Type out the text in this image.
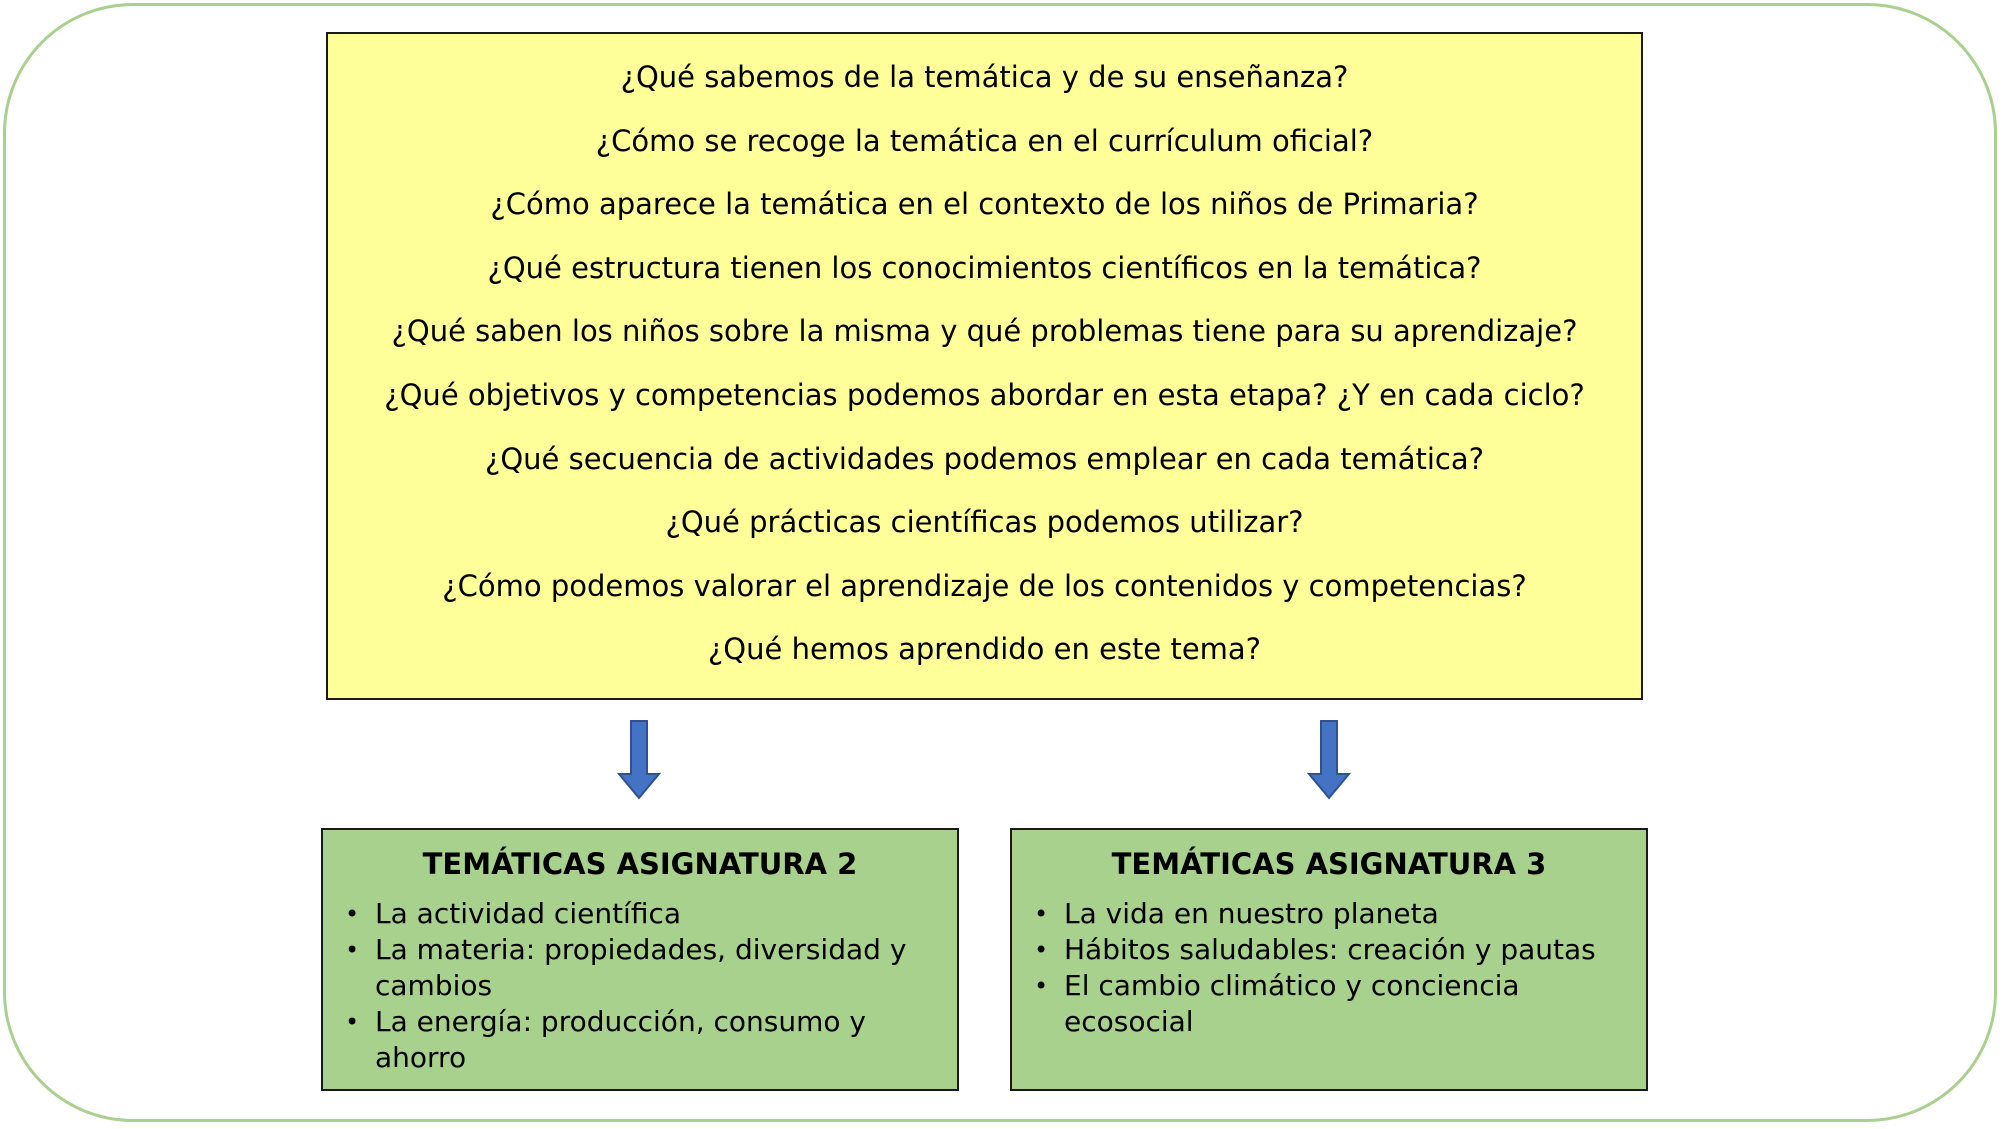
¿Qué sabemos de la temática y de su enseñanza?
¿Cómo se recoge la temática en el currículum oficial?
¿Cómo aparece la temática en el contexto de los niños de Primaria?
¿Qué estructura tienen los conocimientos científicos en la temática?
¿Qué saben los niños sobre la misma y qué problemas tiene para su aprendizaje?
¿Qué objetivos y competencias podemos abordar en esta etapa? ¿Y en cada ciclo?
¿Qué secuencia de actividades podemos emplear en cada temática?
¿Qué prácticas científicas podemos utilizar?
¿Cómo podemos valorar el aprendizaje de los contenidos y competencias?
¿Qué hemos aprendido en este tema?
TEMÁTICAS ASIGNATURA 2
• La actividad científica
• La materia: propiedades, diversidad y cambios
• La energía: producción, consumo y ahorro
TEMÁTICAS ASIGNATURA 3
• La vida en nuestro planeta
• Hábitos saludables: creación y pautas
• El cambio climático y conciencia ecosocial
